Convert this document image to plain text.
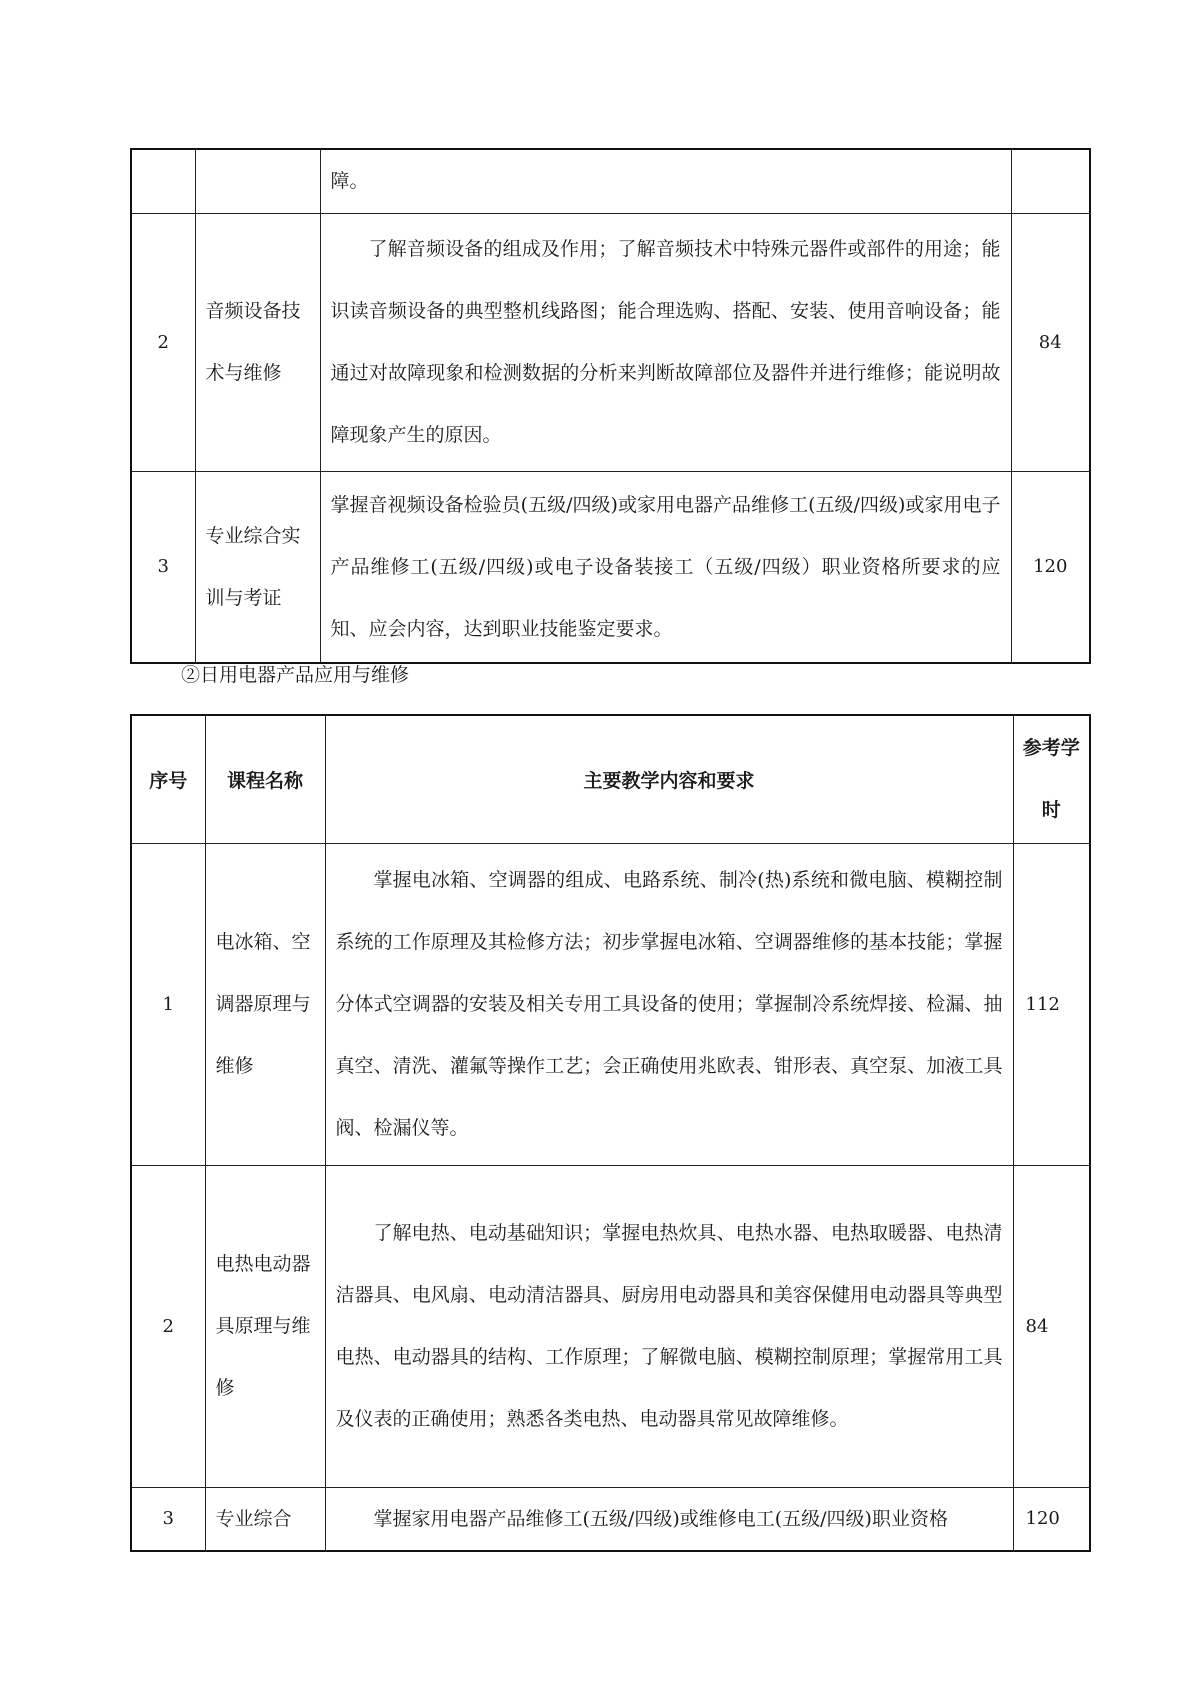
		障。	
2	音频设备技术与维修	了解音频设备的组成及作用；了解音频技术中特殊元器件或部件的用途；能识读音频设备的典型整机线路图；能合理选购、搭配、安装、使用音响设备；能通过对故障现象和检测数据的分析来判断故障部位及器件并进行维修；能说明故障现象产生的原因。	84
3	专业综合实训与考证	掌握音视频设备检验员(五级/四级)或家用电器产品维修工(五级/四级)或家用电子产品维修工(五级/四级)或电子设备装接工（五级/四级）职业资格所要求的应知、应会内容，达到职业技能鉴定要求。	120
②日用电器产品应用与维修
序号	课程名称	主要教学内容和要求	参考学时
1	电冰箱、空调器原理与维修	掌握电冰箱、空调器的组成、电路系统、制冷(热)系统和微电脑、模糊控制系统的工作原理及其检修方法；初步掌握电冰箱、空调器维修的基本技能；掌握分体式空调器的安装及相关专用工具设备的使用；掌握制冷系统焊接、检漏、抽真空、清洗、灌氟等操作工艺；会正确使用兆欧表、钳形表、真空泵、加液工具阀、检漏仪等。	112
2	电热电动器具原理与维修	了解电热、电动基础知识；掌握电热炊具、电热水器、电热取暖器、电热清洁器具、电风扇、电动清洁器具、厨房用电动器具和美容保健用电动器具等典型电热、电动器具的结构、工作原理；了解微电脑、模糊控制原理；掌握常用工具及仪表的正确使用；熟悉各类电热、电动器具常见故障维修。	84
3	专业综合	掌握家用电器产品维修工(五级/四级)或维修电工(五级/四级)职业资格	120
